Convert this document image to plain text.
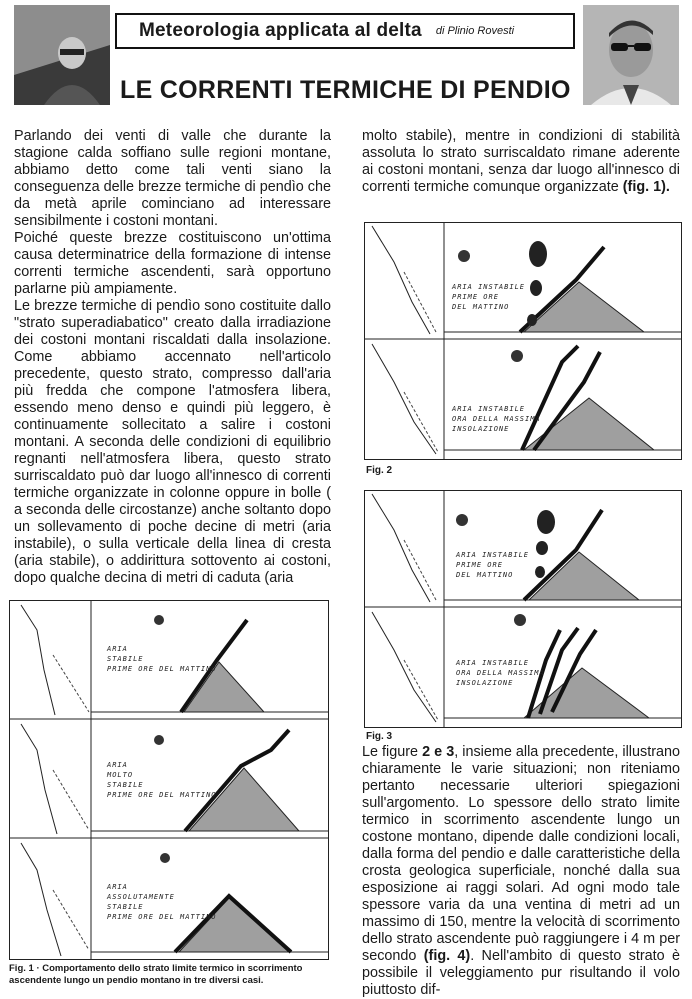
Meteorologia applicata al delta di Plinio Rovesti
LE CORRENTI TERMICHE DI PENDIO

Parlando dei venti di valle che durante la stagione calda soffiano sulle regioni montane, abbiamo detto come tali venti siano la conseguenza delle brezze termiche di pendìo che da metà aprile cominciano ad interessare sensibilmente i costoni montani.

Poiché queste brezze costituiscono un'ottima causa determinatrice della formazione di intense correnti termiche ascendenti, sarà opportuno parlarne più ampiamente.

Le brezze termiche di pendìo sono costituite dallo "strato superadiabatico" creato dalla irradiazione dei costoni montani riscaldati dalla insolazione. Come abbiamo accennato nell'articolo precedente, questo strato, compresso dall'aria più fredda che compone l'atmosfera libera, essendo meno denso e quindi più leggero, è continuamente sollecitato a salire i costoni montani. A seconda delle condizioni di equilibrio regnanti nell'atmosfera libera, questo strato surriscaldato può dar luogo all'innesco di correnti termiche organizzate in colonne oppure in bolle ( a seconda delle circostanze) anche soltanto dopo un sollevamento di poche decine di metri (aria instabile), o sulla verticale della linea di cresta (aria stabile), o addirittura sottovento ai costoni, dopo qualche decina di metri di caduta (aria

molto stabile), mentre in condizioni di stabilità assoluta lo strato surriscaldato rimane aderente ai costoni montani, senza dar luogo all'innesco di correnti termiche comunque organizzate (fig. 1).

ARIA
STABILE
PRIME ORE DEL MATTINO
ARIA
MOLTO
STABILE
PRIME ORE DEL MATTINO
ARIA
ASSOLUTAMENTE
STABILE
PRIME ORE DEL MATTINO
Fig. 1 · Comportamento dello strato limite termico in scorrimento ascendente lungo un pendio montano in tre diversi casi.
ARIA INSTABILE
PRIME ORE
DEL MATTINO
ARIA INSTABILE
ORA DELLA MASSIMA
INSOLAZIONE
Fig. 2
ARIA INSTABILE
PRIME ORE
DEL MATTINO
ARIA INSTABILE
ORA DELLA MASSIMA
INSOLAZIONE
Fig. 3

Le figure 2 e 3, insieme alla precedente, illustrano chiaramente le varie situazioni; non riteniamo pertanto necessarie ulteriori spiegazioni sull'argomento. Lo spessore dello strato limite termico in scorrimento ascendente lungo un costone montano, dipende dalle condizioni locali, dalla forma del pendio e dalle caratteristiche della crosta geologica superficiale, nonché dalla sua esposizione ai raggi solari. Ad ogni modo tale spessore varia da una ventina di metri ad un massimo di 150, mentre la velocità di scorrimento dello strato ascendente può raggiungere i 4 m per secondo (fig. 4). Nell'ambito di questo strato è possibile il veleggiamento pur risultando il volo piuttosto dif-
